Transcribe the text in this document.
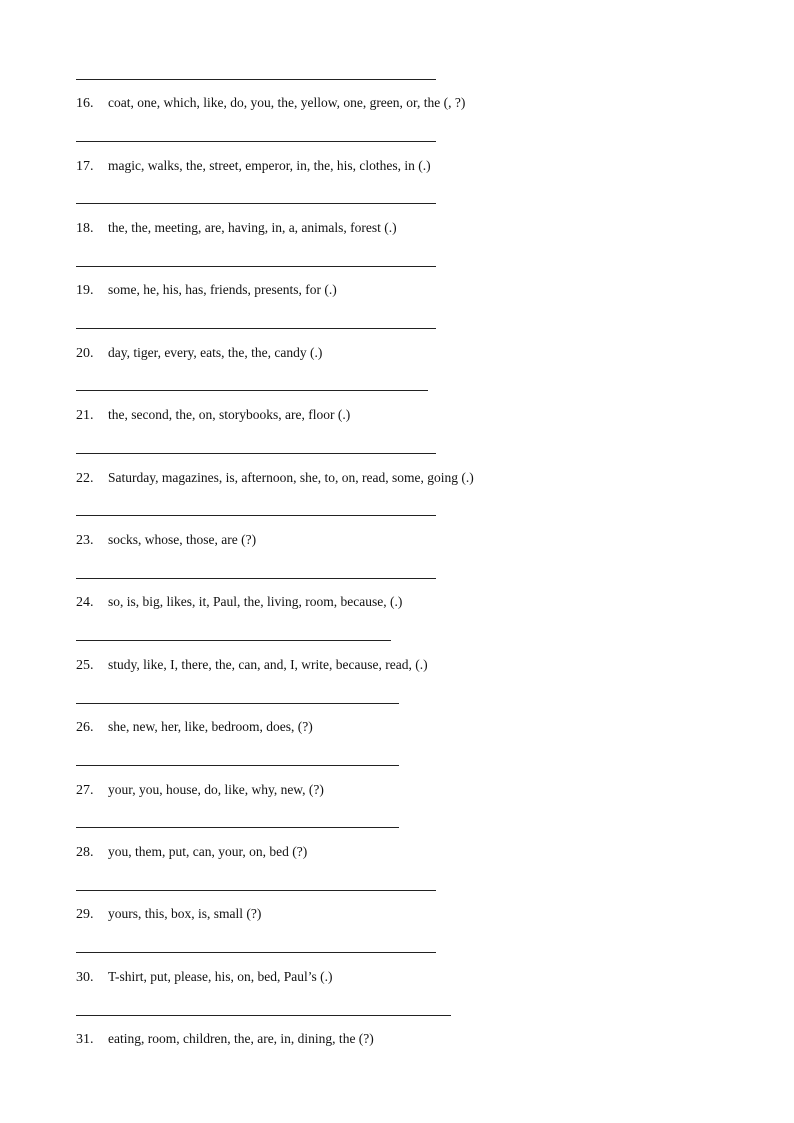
16. coat, one, which, like, do, you, the, yellow, one, green, or, the (, ?)
17. magic, walks, the, street, emperor, in, the, his, clothes, in (.)
18. the, the, meeting, are, having, in, a, animals, forest (.)
19. some, he, his, has, friends, presents, for (.)
20. day, tiger, every, eats, the, the, candy (.)
21. the, second, the, on, storybooks, are, floor (.)
22. Saturday, magazines, is, afternoon, she, to, on, read, some, going (.)
23. socks, whose, those, are (?)
24. so, is, big, likes, it, Paul, the, living, room, because, (.)
25. study, like, I, there, the, can, and, I, write, because, read, (.)
26. she, new, her, like, bedroom, does, (?)
27. your, you, house, do, like, why, new, (?)
28. you, them, put, can, your, on, bed (?)
29. yours, this, box, is, small (?)
30. T-shirt, put, please, his, on, bed, Paul’s (.)
31. eating, room, children, the, are, in, dining, the (?)
